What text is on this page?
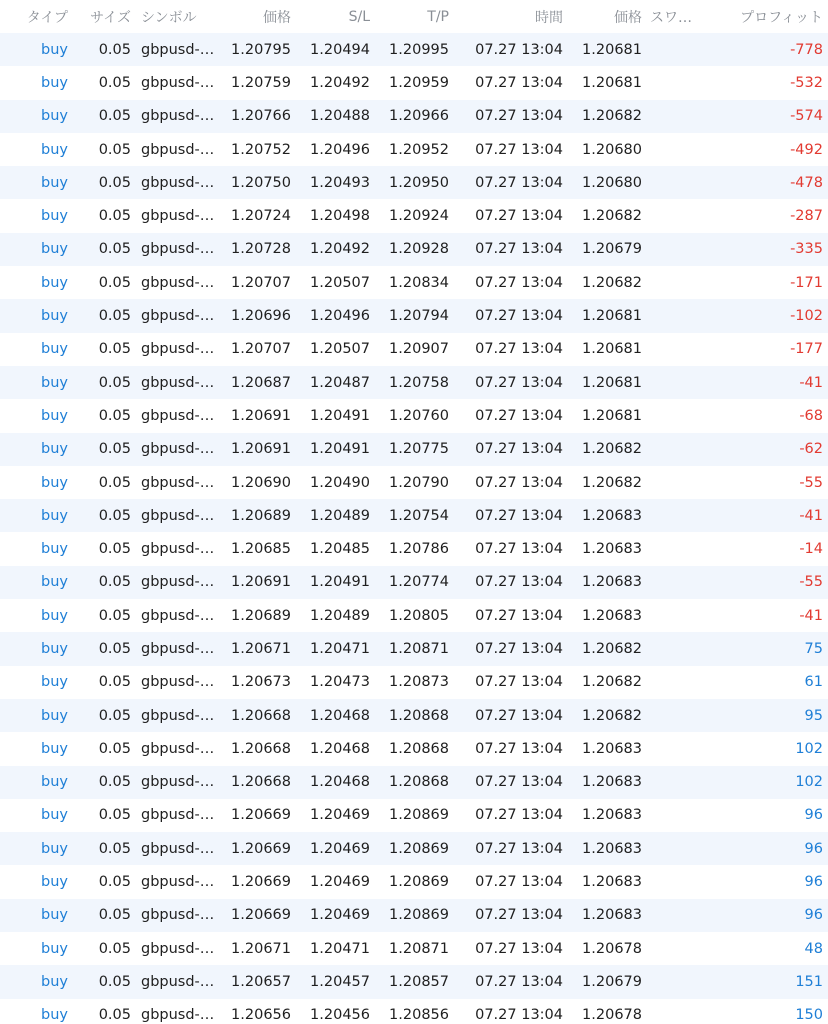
タイプ	サイズ シンボル	価格	S/L	T/P	時間	価格 スワ…	プロフィット
buy	0.05 gbpusd-…	1.20795	1.20494	1.20995	07.27 13:04	1.20681	-778
buy	0.05 gbpusd-…	1.20759	1.20492	1.20959	07.27 13:04	1.20681	-532
buy	0.05 gbpusd-…	1.20766	1.20488	1.20966	07.27 13:04	1.20682	-574
buy	0.05 gbpusd-…	1.20752	1.20496	1.20952	07.27 13:04	1.20680	-492
buy	0.05 gbpusd-…	1.20750	1.20493	1.20950	07.27 13:04	1.20680	-478
buy	0.05 gbpusd-…	1.20724	1.20498	1.20924	07.27 13:04	1.20682	-287
buy	0.05 gbpusd-…	1.20728	1.20492	1.20928	07.27 13:04	1.20679	-335
buy	0.05 gbpusd-…	1.20707	1.20507	1.20834	07.27 13:04	1.20682	-171
buy	0.05 gbpusd-…	1.20696	1.20496	1.20794	07.27 13:04	1.20681	-102
buy	0.05 gbpusd-…	1.20707	1.20507	1.20907	07.27 13:04	1.20681	-177
buy	0.05 gbpusd-…	1.20687	1.20487	1.20758	07.27 13:04	1.20681	-41
buy	0.05 gbpusd-…	1.20691	1.20491	1.20760	07.27 13:04	1.20681	-68
buy	0.05 gbpusd-…	1.20691	1.20491	1.20775	07.27 13:04	1.20682	-62
buy	0.05 gbpusd-…	1.20690	1.20490	1.20790	07.27 13:04	1.20682	-55
buy	0.05 gbpusd-…	1.20689	1.20489	1.20754	07.27 13:04	1.20683	-41
buy	0.05 gbpusd-…	1.20685	1.20485	1.20786	07.27 13:04	1.20683	-14
buy	0.05 gbpusd-…	1.20691	1.20491	1.20774	07.27 13:04	1.20683	-55
buy	0.05 gbpusd-…	1.20689	1.20489	1.20805	07.27 13:04	1.20683	-41
buy	0.05 gbpusd-…	1.20671	1.20471	1.20871	07.27 13:04	1.20682	75
buy	0.05 gbpusd-…	1.20673	1.20473	1.20873	07.27 13:04	1.20682	61
buy	0.05 gbpusd-…	1.20668	1.20468	1.20868	07.27 13:04	1.20682	95
buy	0.05 gbpusd-…	1.20668	1.20468	1.20868	07.27 13:04	1.20683	102
buy	0.05 gbpusd-…	1.20668	1.20468	1.20868	07.27 13:04	1.20683	102
buy	0.05 gbpusd-…	1.20669	1.20469	1.20869	07.27 13:04	1.20683	96
buy	0.05 gbpusd-…	1.20669	1.20469	1.20869	07.27 13:04	1.20683	96
buy	0.05 gbpusd-…	1.20669	1.20469	1.20869	07.27 13:04	1.20683	96
buy	0.05 gbpusd-…	1.20669	1.20469	1.20869	07.27 13:04	1.20683	96
buy	0.05 gbpusd-…	1.20671	1.20471	1.20871	07.27 13:04	1.20678	48
buy	0.05 gbpusd-…	1.20657	1.20457	1.20857	07.27 13:04	1.20679	151
buy	0.05 gbpusd-…	1.20656	1.20456	1.20856	07.27 13:04	1.20678	150
